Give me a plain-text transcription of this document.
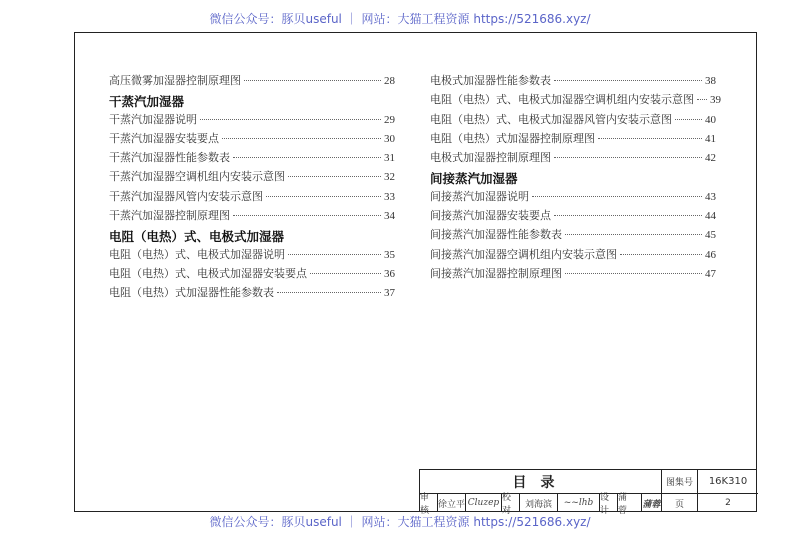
微信公众号：豚贝useful ｜ 网站：大猫工程资源 https://521686.xyz/
高压微雾加湿器控制原理图	28
干蒸汽加湿器
干蒸汽加湿器说明	29
干蒸汽加湿器安装要点	30
干蒸汽加湿器性能参数表	31
干蒸汽加湿器空调机组内安装示意图	32
干蒸汽加湿器风管内安装示意图	33
干蒸汽加湿器控制原理图	34
电阻（电热）式、电极式加湿器
电阻（电热）式、电极式加湿器说明	35
电阻（电热）式、电极式加湿器安装要点	36
电阻（电热）式加湿器性能参数表	37
电极式加湿器性能参数表	38
电阻（电热）式、电极式加湿器空调机组内安装示意图 39
电阻（电热）式、电极式加湿器风管内安装示意图	40
电阻（电热）式加湿器控制原理图	41
电极式加湿器控制原理图	42
间接蒸汽加湿器
间接蒸汽加湿器说明	43
间接蒸汽加湿器安装要点	44
间接蒸汽加湿器性能参数表	45
间接蒸汽加湿器空调机组内安装示意图	46
间接蒸汽加湿器控制原理图	47
目录	图集号	16K310
审核
徐立平 Cluzep 校对
刘海滨	~~lhb 设计
蒲蓉
蒲蓉	页	2
微信公众号：豚贝useful ｜ 网站：大猫工程资源 https://521686.xyz/
